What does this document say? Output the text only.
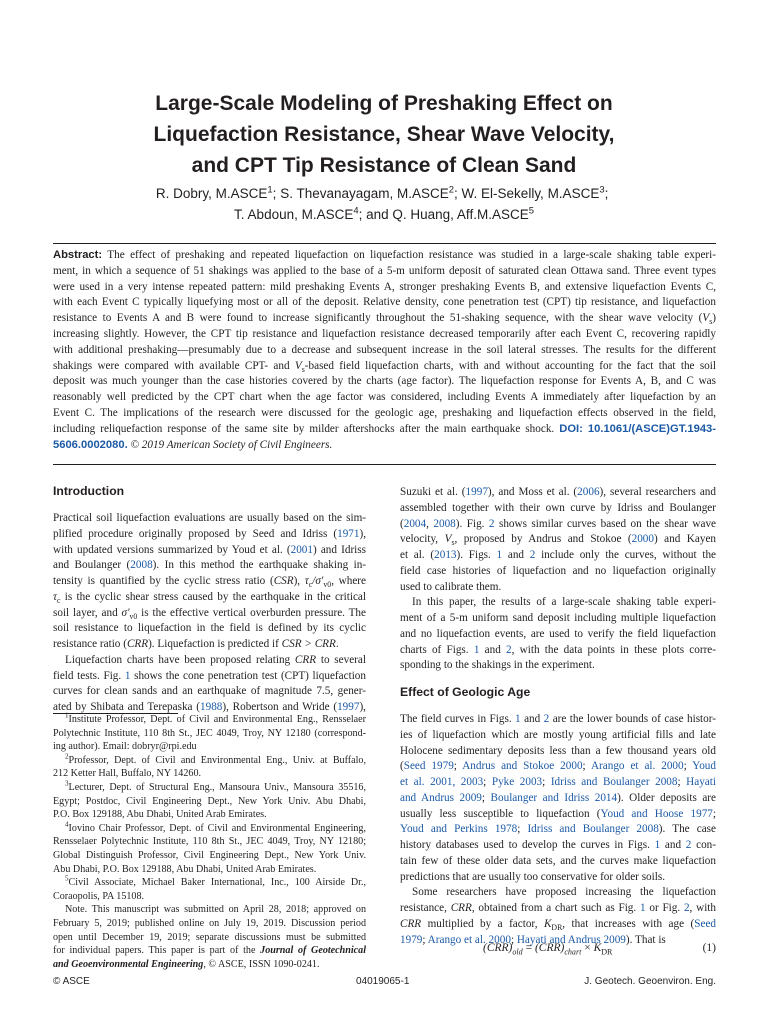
Large-Scale Modeling of Preshaking Effect on
Liquefaction Resistance, Shear Wave Velocity,
and CPT Tip Resistance of Clean Sand
R. Dobry, M.ASCE$^1$; S. Thevanayagam, M.ASCE$^2$; W. El-Sekelly, M.ASCE$^3$;
T. Abdoun, M.ASCE$^4$; and Q. Huang, Aff.M.ASCE$^5$
Abstract: The effect of preshaking and repeated liquefaction on liquefaction resistance was studied in a large-scale shaking table experi-
ment, in which a sequence of 51 shakings was applied to the base of a 5-m uniform deposit of saturated clean Ottawa sand. Three event types
were used in a very intense repeated pattern: mild preshaking Events A, stronger preshaking Events B, and extensive liquefaction Events C,
with each Event C typically liquefying most or all of the deposit. Relative density, cone penetration test (CPT) tip resistance, and liquefaction
resistance to Events A and B were found to increase significantly throughout the 51-shaking sequence, with the shear wave velocity $(V_s)$
increasing slightly. However, the CPT tip resistance and liquefaction resistance decreased temporarily after each Event C, recovering rapidly
with additional preshaking—presumably due to a decrease and subsequent increase in the soil lateral stresses. The results for the different
shakings were compared with available CPT- and $V_s$-based field liquefaction charts, with and without accounting for the fact that the soil
deposit was much younger than the case histories covered by the charts (age factor). The liquefaction response for Events A, B, and C was
reasonably well predicted by the CPT chart when the age factor was considered, including Events A immediately after liquefaction by an
Event C. The implications of the research were discussed for the geologic age, preshaking and liquefaction effects observed in the field,
including reliquefaction response of the same site by milder aftershocks after the main earthquake shock. DOI: 10.1061/(ASCE)GT.1943-
5606.0002080. © 2019 American Society of Civil Engineers.
Introduction
Practical soil liquefaction evaluations are usually based on the sim-
plified procedure originally proposed by Seed and Idriss (1971),
with updated versions summarized by Youd et al. (2001) and Idriss
and Boulanger (2008). In this method the earthquake shaking in-
tensity is quantified by the cyclic stress ratio (CSR), $\tau_c/\sigma'_{v0}$, where
$\tau_c$ is the cyclic shear stress caused by the earthquake in the critical
soil layer, and $\sigma'_{v0}$ is the effective vertical overburden pressure. The
soil resistance to liquefaction in the field is defined by its cyclic
resistance ratio (CRR). Liquefaction is predicted if CSR > CRR.
Liquefaction charts have been proposed relating CRR to several
field tests. Fig. 1 shows the cone penetration test (CPT) liquefaction
curves for clean sands and an earthquake of magnitude 7.5, gener-
ated by Shibata and Terepaska (1988), Robertson and Wride (1997),
$^1$Institute Professor, Dept. of Civil and Environmental Eng., Rensselaer
Polytechnic Institute, 110 8th St., JEC 4049, Troy, NY 12180 (correspond-
ing author). Email: dobryr@rpi.edu
$^2$Professor, Dept. of Civil and Environmental Eng., Univ. at Buffalo,
212 Ketter Hall, Buffalo, NY 14260.
$^3$Lecturer, Dept. of Structural Eng., Mansoura Univ., Mansoura 35516,
Egypt; Postdoc, Civil Engineering Dept., New York Univ. Abu Dhabi,
P.O. Box 129188, Abu Dhabi, United Arab Emirates.
$^4$Iovino Chair Professor, Dept. of Civil and Environmental Engineering,
Rensselaer Polytechnic Institute, 110 8th St., JEC 4049, Troy, NY 12180;
Global Distinguish Professor, Civil Engineering Dept., New York Univ.
Abu Dhabi, P.O. Box 129188, Abu Dhabi, United Arab Emirates.
$^5$Civil Associate, Michael Baker International, Inc., 100 Airside Dr.,
Coraopolis, PA 15108.
Note. This manuscript was submitted on April 28, 2018; approved on
February 5, 2019; published online on July 19, 2019. Discussion period
open until December 19, 2019; separate discussions must be submitted
for individual papers. This paper is part of the Journal of Geotechnical
and Geoenvironmental Engineering, © ASCE, ISSN 1090-0241.
Suzuki et al. (1997), and Moss et al. (2006), several researchers and
assembled together with their own curve by Idriss and Boulanger
(2004, 2008). Fig. 2 shows similar curves based on the shear wave
velocity, $V_s$, proposed by Andrus and Stokoe (2000) and Kayen
et al. (2013). Figs. 1 and 2 include only the curves, without the
field case histories of liquefaction and no liquefaction originally
used to calibrate them.
In this paper, the results of a large-scale shaking table experi-
ment of a 5-m uniform sand deposit including multiple liquefaction
and no liquefaction events, are used to verify the field liquefaction
charts of Figs. 1 and 2, with the data points in these plots corre-
sponding to the shakings in the experiment.
Effect of Geologic Age
The field curves in Figs. 1 and 2 are the lower bounds of case histor-
ies of liquefaction which are mostly young artificial fills and late
Holocene sedimentary deposits less than a few thousand years old
(Seed 1979; Andrus and Stokoe 2000; Arango et al. 2000; Youd
et al. 2001, 2003; Pyke 2003; Idriss and Boulanger 2008; Hayati
and Andrus 2009; Boulanger and Idriss 2014). Older deposits are
usually less susceptible to liquefaction (Youd and Hoose 1977;
Youd and Perkins 1978; Idriss and Boulanger 2008). The case
history databases used to develop the curves in Figs. 1 and 2 con-
tain few of these older data sets, and the curves make liquefaction
predictions that are usually too conservative for older soils.
Some researchers have proposed increasing the liquefaction
resistance, CRR, obtained from a chart such as Fig. 1 or Fig. 2, with
CRR multiplied by a factor, $K_{DR}$, that increases with age (Seed
1979; Arango et al. 2000; Hayati and Andrus 2009). That is
$(CRR)_{old} = (CRR)_{chart} \times K_{DR}$	(1)
© ASCE	04019065-1	J. Geotech. Geoenviron. Eng.
